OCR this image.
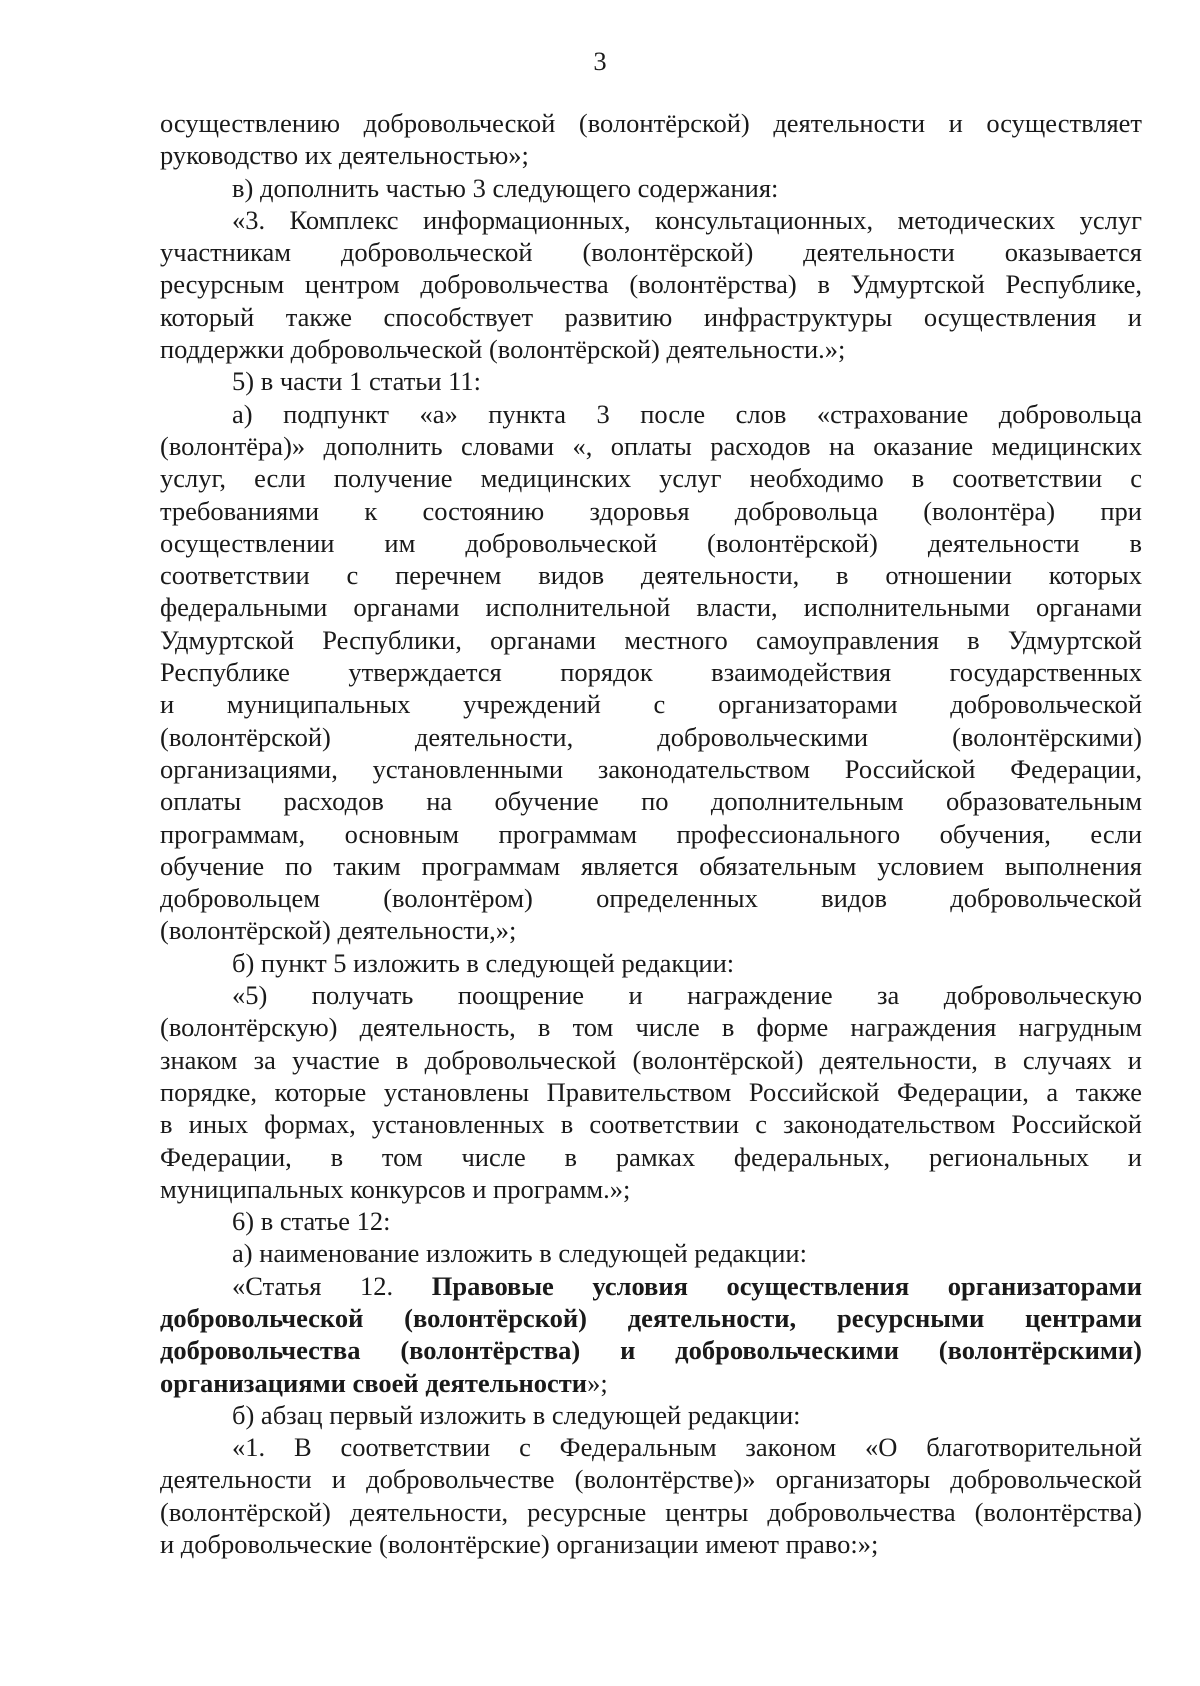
3
осуществлению добровольческой (волонтёрской) деятельности и осуществляет
руководство их деятельностью»;
в) дополнить частью 3 следующего содержания:
«3. Комплекс информационных, консультационных, методических услуг
участникам добровольческой (волонтёрской) деятельности оказывается
ресурсным центром добровольчества (волонтёрства) в Удмуртской Республике,
который также способствует развитию инфраструктуры осуществления и
поддержки добровольческой (волонтёрской) деятельности.»;
5) в части 1 статьи 11:
а) подпункт «а» пункта 3 после слов «страхование добровольца
(волонтёра)» дополнить словами «, оплаты расходов на оказание медицинских
услуг, если получение медицинских услуг необходимо в соответствии с
требованиями к состоянию здоровья добровольца (волонтёра) при
осуществлении им добровольческой (волонтёрской) деятельности в
соответствии с перечнем видов деятельности, в отношении которых
федеральными органами исполнительной власти, исполнительными органами
Удмуртской Республики, органами местного самоуправления в Удмуртской
Республике утверждается порядок взаимодействия государственных
и муниципальных учреждений с организаторами добровольческой
(волонтёрской) деятельности, добровольческими (волонтёрскими)
организациями, установленными законодательством Российской Федерации,
оплаты расходов на обучение по дополнительным образовательным
программам, основным программам профессионального обучения, если
обучение по таким программам является обязательным условием выполнения
добровольцем (волонтёром) определенных видов добровольческой
(волонтёрской) деятельности,»;
б) пункт 5 изложить в следующей редакции:
«5) получать поощрение и награждение за добровольческую
(волонтёрскую) деятельность, в том числе в форме награждения нагрудным
знаком за участие в добровольческой (волонтёрской) деятельности, в случаях и
порядке, которые установлены Правительством Российской Федерации, а также
в иных формах, установленных в соответствии с законодательством Российской
Федерации, в том числе в рамках федеральных, региональных и
муниципальных конкурсов и программ.»;
6) в статье 12:
а) наименование изложить в следующей редакции:
«Статья 12. Правовые условия осуществления организаторами
добровольческой (волонтёрской) деятельности, ресурсными центрами
добровольчества (волонтёрства) и добровольческими (волонтёрскими)
организациями своей деятельности»;
б) абзац первый изложить в следующей редакции:
«1. В соответствии с Федеральным законом «О благотворительной
деятельности и добровольчестве (волонтёрстве)» организаторы добровольческой
(волонтёрской) деятельности, ресурсные центры добровольчества (волонтёрства)
и добровольческие (волонтёрские) организации имеют право:»;
